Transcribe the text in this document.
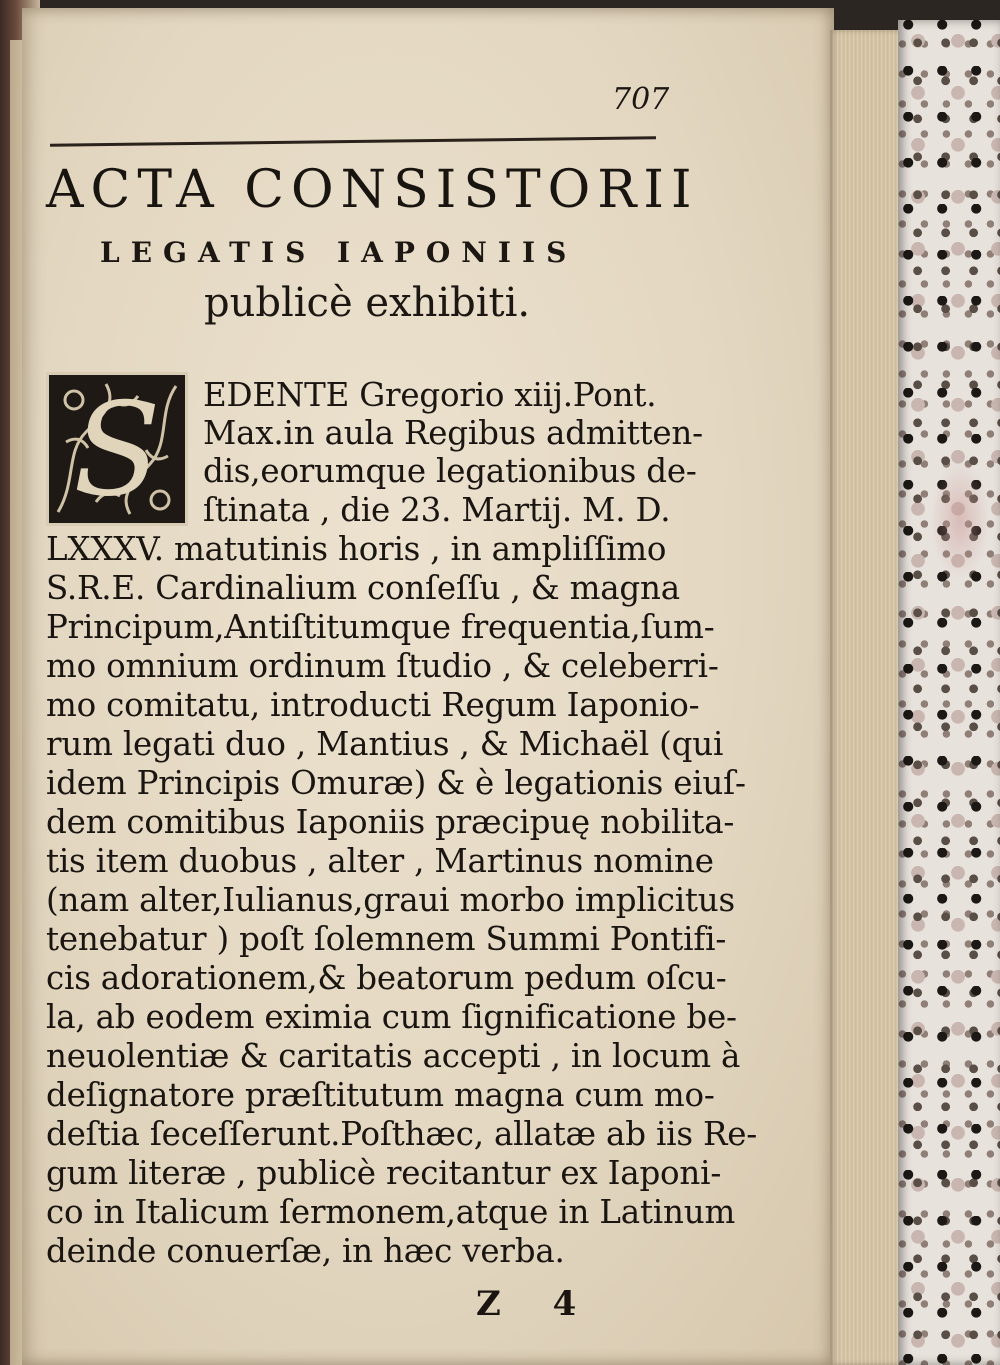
707
ACTA CONSISTORII
LEGATIS IAPONIIS
publicè exhibiti.
S	EDENTE Gregorio xiij.Pont.
Max.in aula Regibus admitten-
dis,eorumque legationibus de-
ſtinata , die 23. Martij. M. D.
LXXXV. matutinis horis , in ampliſſimo
S.R.E. Cardinalium conſeſſu , & magna
Principum,Antiſtitumque frequentia,ſum-
mo omnium ordinum ſtudio , & celeberri-
mo comitatu, introducti Regum Iaponio-
rum legati duo , Mantius , & Michaël (qui
idem Principis Omuræ) & è legationis eiuſ-
dem comitibus Iaponiis præcipuę nobilita-
tis item duobus , alter , Martinus nomine
(nam alter,Iulianus,graui morbo implicitus
tenebatur ) poſt ſolemnem Summi Pontifi-
cis adorationem,& beatorum pedum oſcu-
la, ab eodem eximia cum ſignificatione be-
neuolentiæ & caritatis accepti , in locum à
deſignatore præſtitutum magna cum mo-
deſtia ſeceſſerunt.Poſthæc, allatæ ab iis Re-
gum literæ , publicè recitantur ex Iaponi-
co in Italicum ſermonem,atque in Latinum
deinde conuerſæ, in hæc verba.
Z 4
